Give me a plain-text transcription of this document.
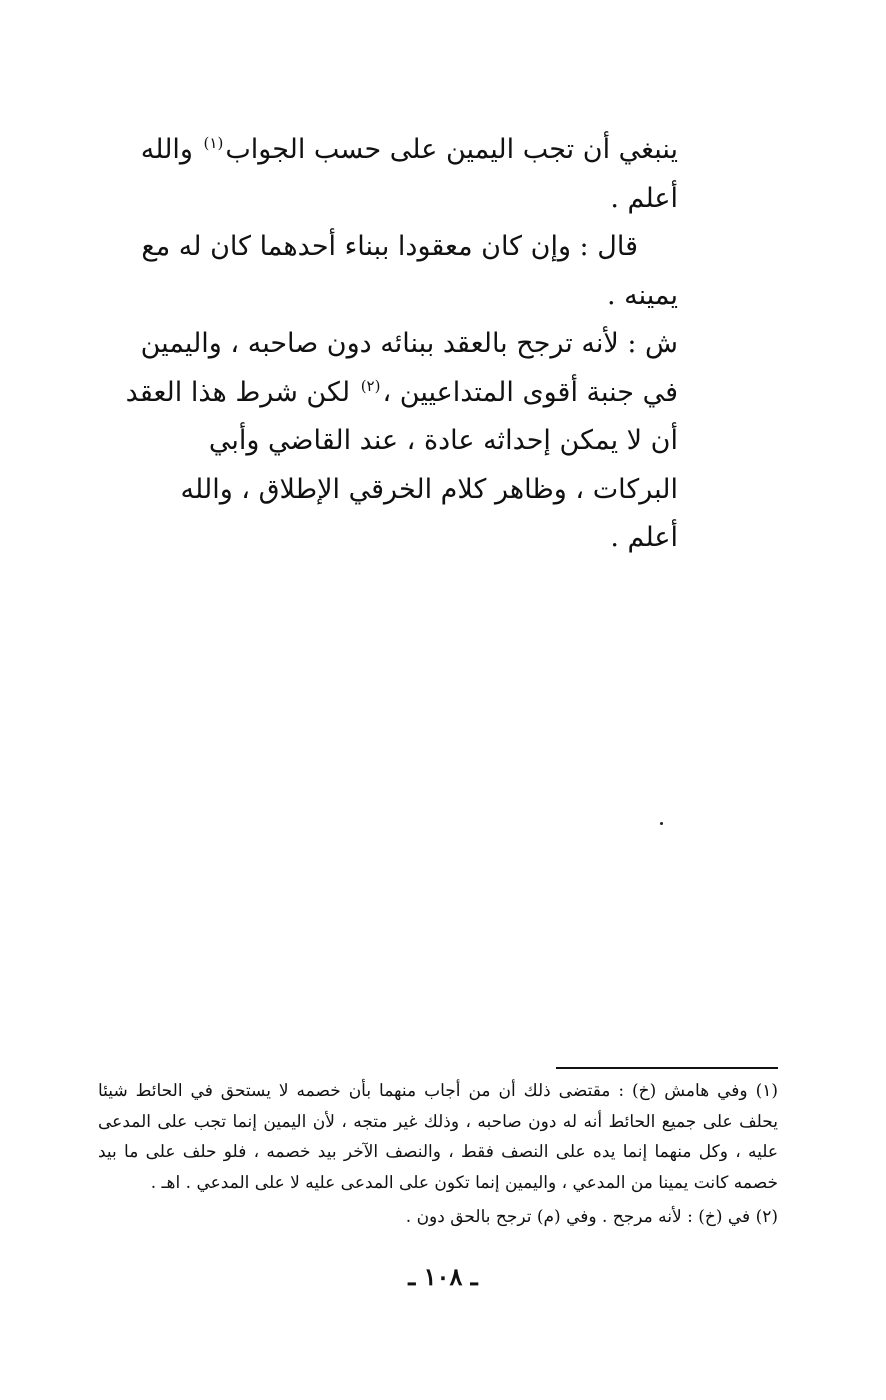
ينبغي أن تجب اليمين على حسب الجواب$^{(١)}$ والله أعلم .

قال : وإن كان معقودا ببناء أحدهما كان له مع يمينه .

ش : لأنه ترجح بالعقد ببنائه دون صاحبه ، واليمين في جنبة أقوى المتداعيين ،$^{(٢)}$ لكن شرط هذا العقد أن لا يمكن إحداثه عادة ، عند القاضي وأبي البركات ، وظاهر كلام الخرقي الإطلاق ، والله أعلم .

(١) وفي هامش (خ) : مقتضى ذلك أن من أجاب منهما بأن خصمه لا يستحق في الحائط شيئا يحلف على جميع الحائط أنه له دون صاحبه ، وذلك غير متجه ، لأن اليمين إنما تجب على المدعى عليه ، وكل منهما إنما يده على النصف فقط ، والنصف الآخر بيد خصمه ، فلو حلف على ما بيد خصمه كانت يمينا من المدعي ، واليمين إنما تكون على المدعى عليه لا على المدعي . اهـ .

(٢) في (خ) : لأنه مرجح . وفي (م) ترجح بالحق دون .

ـ ١٠٨ ـ
